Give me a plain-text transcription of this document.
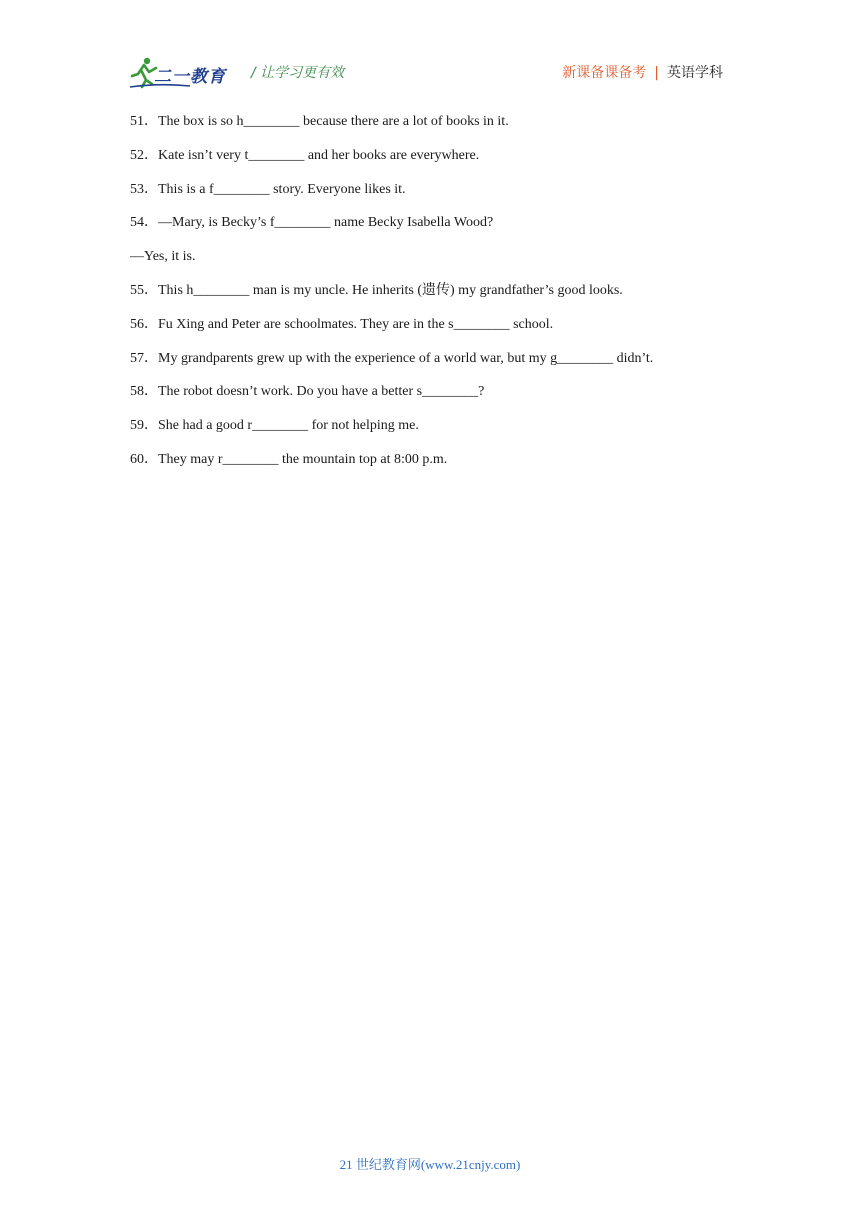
二一教育 / 让学习更有效	新课备课备考 | 英语学科
51．The box is so h________ because there are a lot of books in it.
52．Kate isn’t very t________ and her books are everywhere.
53．This is a f________ story. Everyone likes it.
54．—Mary, is Becky’s f________ name Becky Isabella Wood?
—Yes, it is.
55．This h________ man is my uncle. He inherits (遗传) my grandfather’s good looks.
56．Fu Xing and Peter are schoolmates. They are in the s________ school.
57．My grandparents grew up with the experience of a world war, but my g________ didn’t.
58．The robot doesn’t work. Do you have a better s________?
59．She had a good r________ for not helping me.
60．They may r________ the mountain top at 8:00 p.m.
21 世纪教育网(www.21cnjy.com)
